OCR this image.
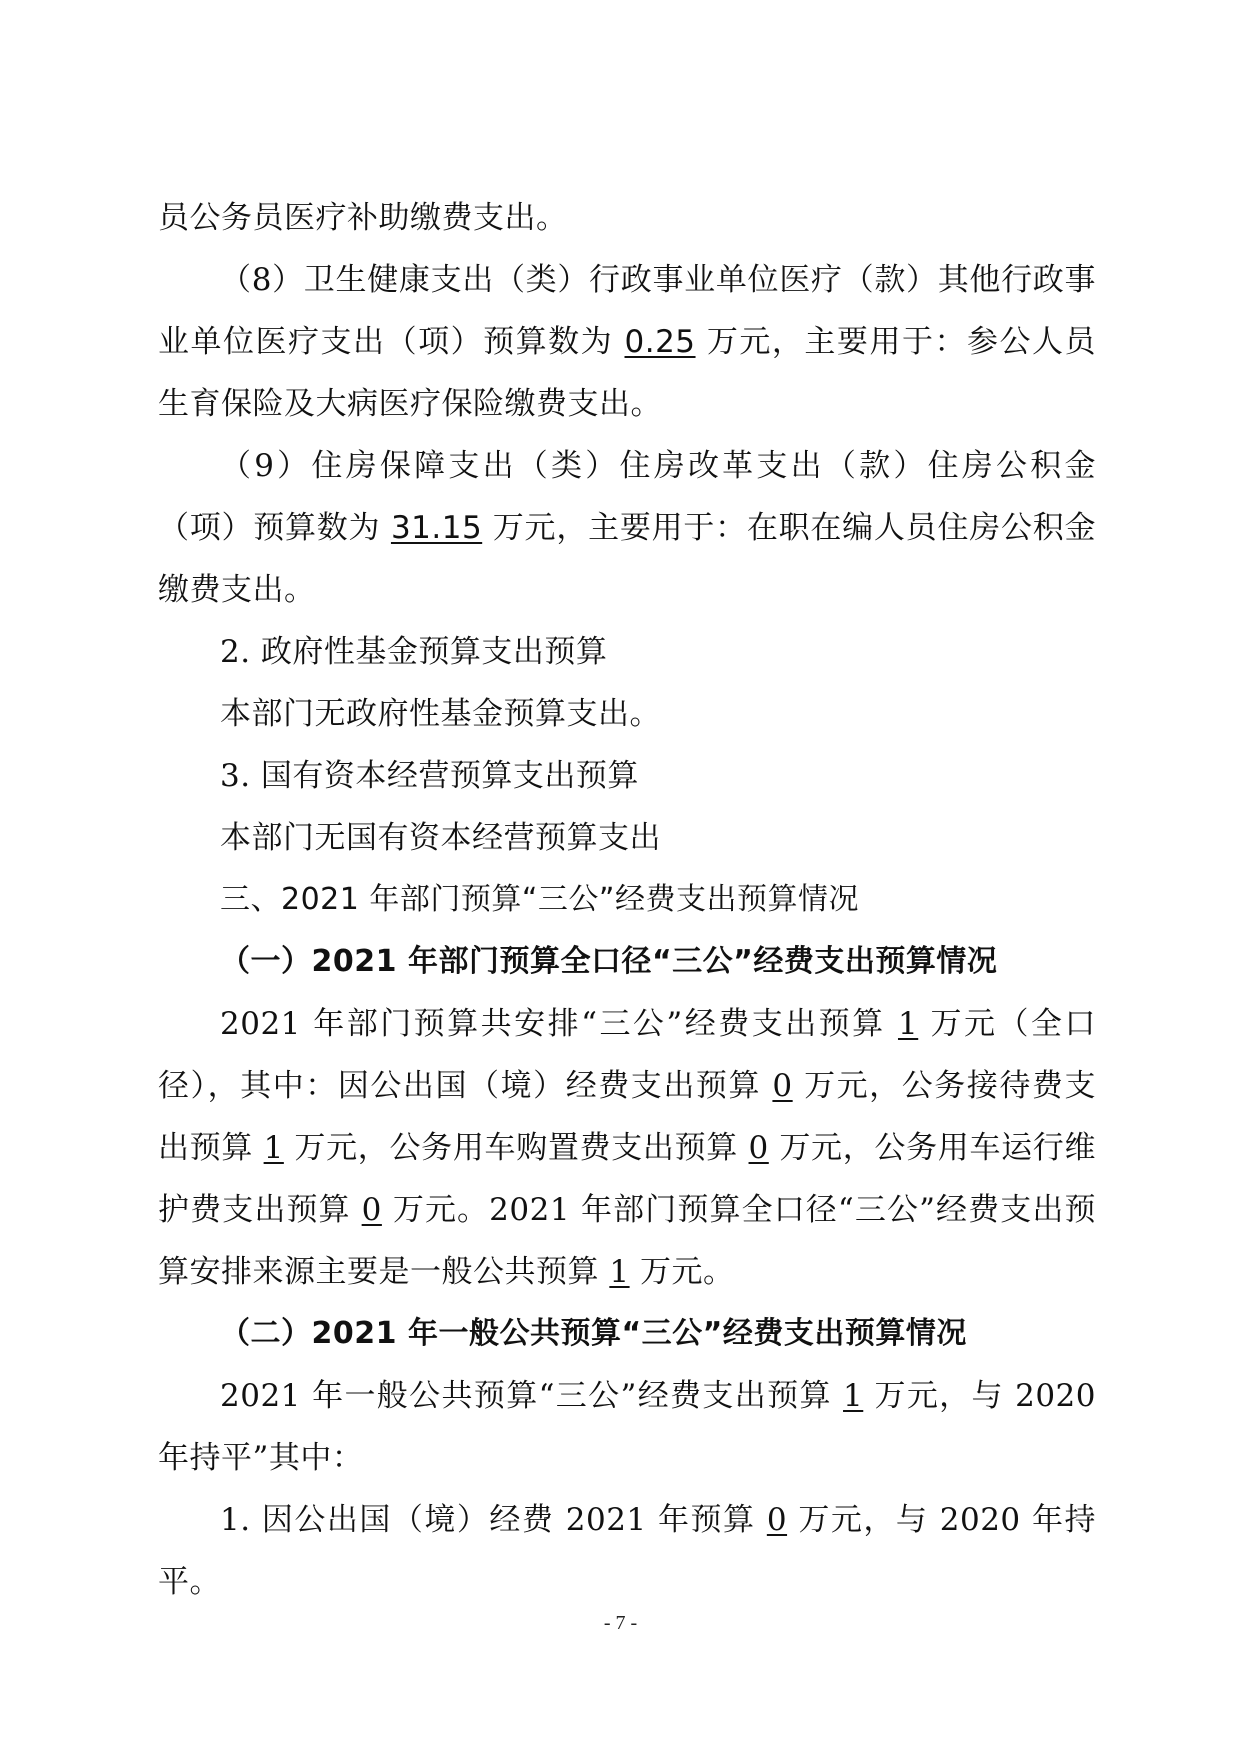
员公务员医疗补助缴费支出。

（8）卫生健康支出（类）行政事业单位医疗（款）其他行政事业单位医疗支出（项）预算数为 0.25 万元，主要用于：参公人员生育保险及大病医疗保险缴费支出。

（9）住房保障支出（类）住房改革支出（款）住房公积金（项）预算数为 31.15 万元，主要用于：在职在编人员住房公积金缴费支出。

2. 政府性基金预算支出预算

本部门无政府性基金预算支出。

3. 国有资本经营预算支出预算

本部门无国有资本经营预算支出

三、2021 年部门预算“三公”经费支出预算情况

（一）2021 年部门预算全口径“三公”经费支出预算情况

2021 年部门预算共安排“三公”经费支出预算 1 万元（全口径），其中：因公出国（境）经费支出预算 0 万元，公务接待费支出预算 1 万元，公务用车购置费支出预算 0 万元，公务用车运行维护费支出预算 0 万元。2021 年部门预算全口径“三公”经费支出预算安排来源主要是一般公共预算 1 万元。

（二）2021 年一般公共预算“三公”经费支出预算情况

2021 年一般公共预算“三公”经费支出预算 1 万元，与 2020 年持平”其中：

1. 因公出国（境）经费 2021 年预算 0 万元，与 2020 年持平。

- 7 -
